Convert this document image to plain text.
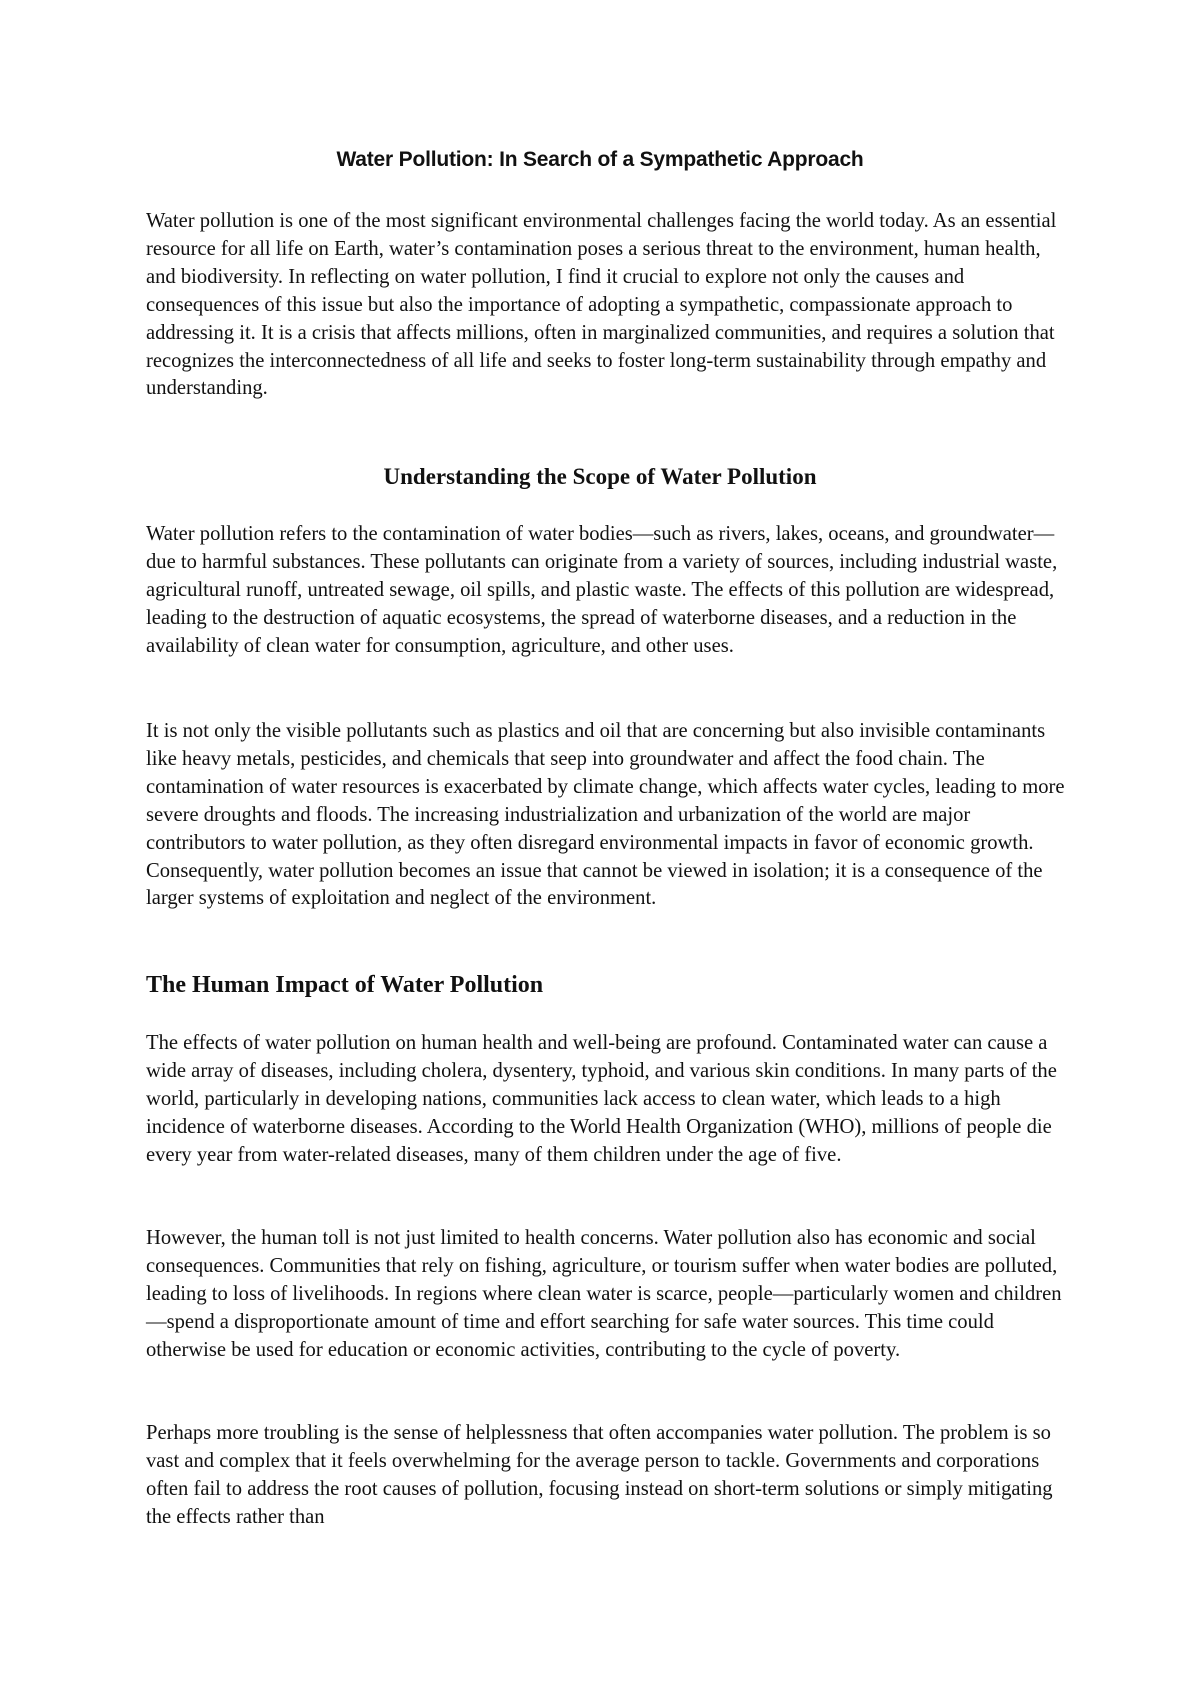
Water Pollution: In Search of a Sympathetic Approach

Water pollution is one of the most significant environmental challenges facing the world today. As an essential resource for all life on Earth, water’s contamination poses a serious threat to the environment, human health, and biodiversity. In reflecting on water pollution, I find it crucial to explore not only the causes and consequences of this issue but also the importance of adopting a sympathetic, compassionate approach to addressing it. It is a crisis that affects millions, often in marginalized communities, and requires a solution that recognizes the interconnectedness of all life and seeks to foster long-term sustainability through empathy and understanding.

Understanding the Scope of Water Pollution

Water pollution refers to the contamination of water bodies—such as rivers, lakes, oceans, and groundwater—due to harmful substances. These pollutants can originate from a variety of sources, including industrial waste, agricultural runoff, untreated sewage, oil spills, and plastic waste. The effects of this pollution are widespread, leading to the destruction of aquatic ecosystems, the spread of waterborne diseases, and a reduction in the availability of clean water for consumption, agriculture, and other uses.

It is not only the visible pollutants such as plastics and oil that are concerning but also invisible contaminants like heavy metals, pesticides, and chemicals that seep into groundwater and affect the food chain. The contamination of water resources is exacerbated by climate change, which affects water cycles, leading to more severe droughts and floods. The increasing industrialization and urbanization of the world are major contributors to water pollution, as they often disregard environmental impacts in favor of economic growth. Consequently, water pollution becomes an issue that cannot be viewed in isolation; it is a consequence of the larger systems of exploitation and neglect of the environment.

The Human Impact of Water Pollution

The effects of water pollution on human health and well-being are profound. Contaminated water can cause a wide array of diseases, including cholera, dysentery, typhoid, and various skin conditions. In many parts of the world, particularly in developing nations, communities lack access to clean water, which leads to a high incidence of waterborne diseases. According to the World Health Organization (WHO), millions of people die every year from water-related diseases, many of them children under the age of five.

However, the human toll is not just limited to health concerns. Water pollution also has economic and social consequences. Communities that rely on fishing, agriculture, or tourism suffer when water bodies are polluted, leading to loss of livelihoods. In regions where clean water is scarce, people—particularly women and children—spend a disproportionate amount of time and effort searching for safe water sources. This time could otherwise be used for education or economic activities, contributing to the cycle of poverty.

Perhaps more troubling is the sense of helplessness that often accompanies water pollution. The problem is so vast and complex that it feels overwhelming for the average person to tackle. Governments and corporations often fail to address the root causes of pollution, focusing instead on short-term solutions or simply mitigating the effects rather than
